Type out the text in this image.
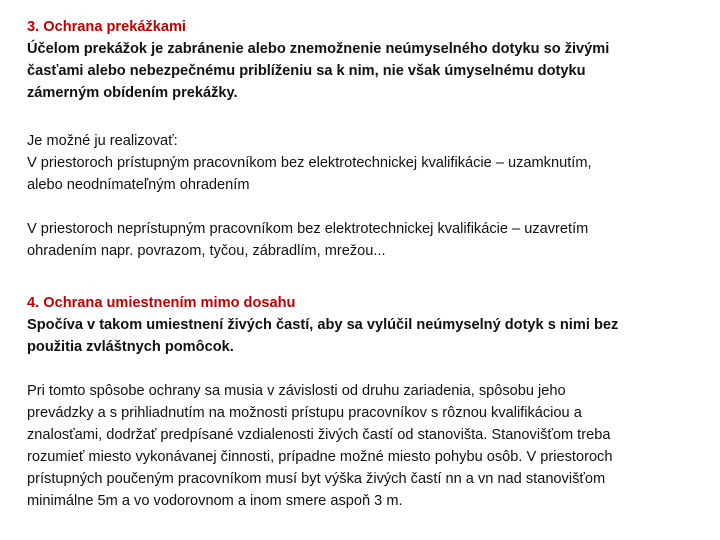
3. Ochrana prekážkami
Účelom prekážok je zabránenie alebo znemožnenie neúmyselného dotyku so živými
časťami alebo nebezpečnému priblíženiu sa k nim, nie však úmyselnému dotyku
zámerným obídením prekážky.
Je možné ju realizovať:
V priestoroch prístupným pracovníkom bez elektrotechnickej kvalifikácie – uzamknutím,
alebo neodnímateľným ohradením
V priestoroch neprístupným pracovníkom bez elektrotechnickej kvalifikácie – uzavretím
ohradením napr. povrazom, tyčou, zábradlím, mrežou...
4. Ochrana umiestnením mimo dosahu
Spočíva v takom umiestnení živých častí, aby sa vylúčil neúmyselný dotyk s nimi bez
použitia zvláštnych pomôcok.
Pri tomto spôsobe ochrany sa musia v závislosti od druhu zariadenia, spôsobu jeho
prevádzky a s prihliadnutím na možnosti prístupu pracovníkov s rôznou kvalifikáciou a
znalosťami, dodržať predpísané vzdialenosti živých častí od stanovišta. Stanovišťom treba
rozumieť miesto vykonávanej činnosti, prípadne možné miesto pohybu osôb. V priestoroch
prístupných poučeným pracovníkom musí byt výška živých častí nn a vn nad stanovišťom
minimálne 5m a vo vodorovnom a inom smere aspoň 3 m.
